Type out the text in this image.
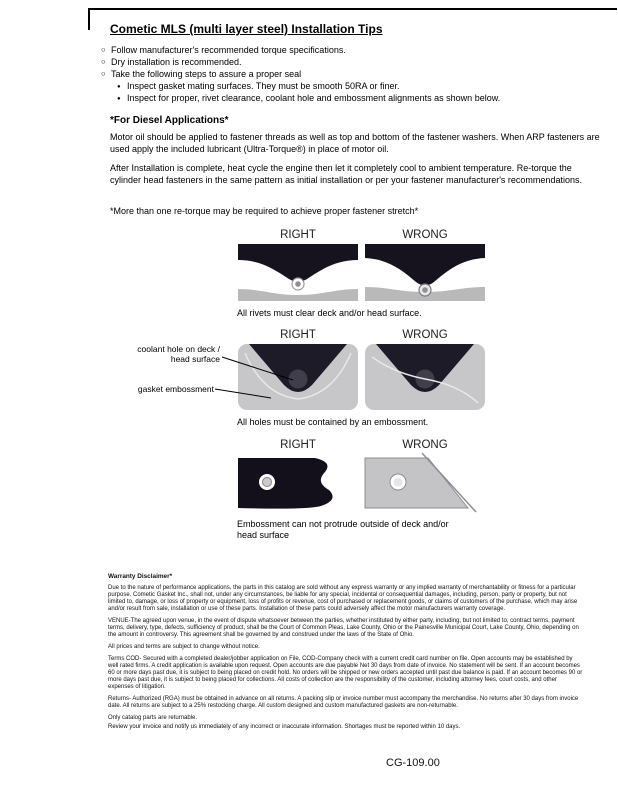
Cometic MLS (multi layer steel) Installation Tips
○ Follow manufacturer's recommended torque specifications.
○ Dry installation is recommended.
○ Take the following steps to assure a proper seal
● Inspect gasket mating surfaces. They must be smooth 50RA or finer.
● Inspect for proper, rivet clearance, coolant hole and embossment alignments as shown below.
*For Diesel Applications*
Motor oil should be applied to fastener threads as well as top and bottom of the fastener washers. When ARP fasteners are used apply the included lubricant (Ultra-Torque®) in place of motor oil.
After Installation is complete, heat cycle the engine then let it completely cool to ambient temperature. Re-torque the cylinder head fasteners in the same pattern as initial installation or per your fastener manufacturer's recommendations.
*More than one re-torque may be required to achieve proper fastener stretch*
RIGHT	WRONG
All rivets must clear deck and/or head surface.
RIGHT	WRONG
coolant hole on deck / head surface
gasket embossment
All holes must be contained by an embossment.
RIGHT	WRONG
Embossment can not protrude outside of deck and/or head surface
Warranty Disclaimer*

Due to the nature of performance applications, the parts in this catalog are sold without any express warranty or any implied warranty of merchantability or fitness for a particular purpose. Cometic Gasket Inc., shall not, under any circumstances, be liable for any special, incidental or consequential damages, including, person, party or property, but not limited to, damage, or loss of property or equipment, loss of profits or revenue, cost of purchased or replacement goods, or claims of customers of the purchase, which may arise and/or result from sale, installation or use of these parts. Installation of these parts could adversely affect the motor manufacturers warranty coverage.

VENUE-The agreed upon venue, in the event of dispute whatsoever between the parties, whether instituted by either party, including, but not limited to, contract terms, payment terms, delivery, type, defects, sufficiency of product, shall be the Court of Common Pleas, Lake County, Ohio or the Painesville Municipal Court, Lake County, Ohio, depending on the amount in controversy. This agreement shall be governed by and construed under the laws of the State of Ohio.

All prices and terms are subject to change without notice.

Terms COD- Secured with a completed dealer/jobber application on File, COD-Company check with a current credit card number on file. Open accounts may be established by well rated firms. A credit application is available upon request. Open accounts are due payable Net 30 days from date of invoice. No statement will be sent. If an account becomes 60 or more days past due, it is subject to being placed on credit hold. No orders will be shipped or new orders accepted until past due balance is paid. If an account becomes 90 or more days past due, it is subject to being placed for collections. All costs of collection are the responsibility of the customer, including attorney fees, court costs, and other expenses of litigation.

Returns- Authorized (RGA) must be obtained in advance on all returns. A packing slip or invoice number must accompany the merchandise. No returns after 30 days from invoice date. All returns are subject to a 25% restocking charge. All custom designed and custom manufactured gaskets are non-returnable.

Only catalog parts are returnable.

Review your invoice and notify us immediately of any incorrect or inaccurate information. Shortages must be reported within 10 days.

CG-109.00
